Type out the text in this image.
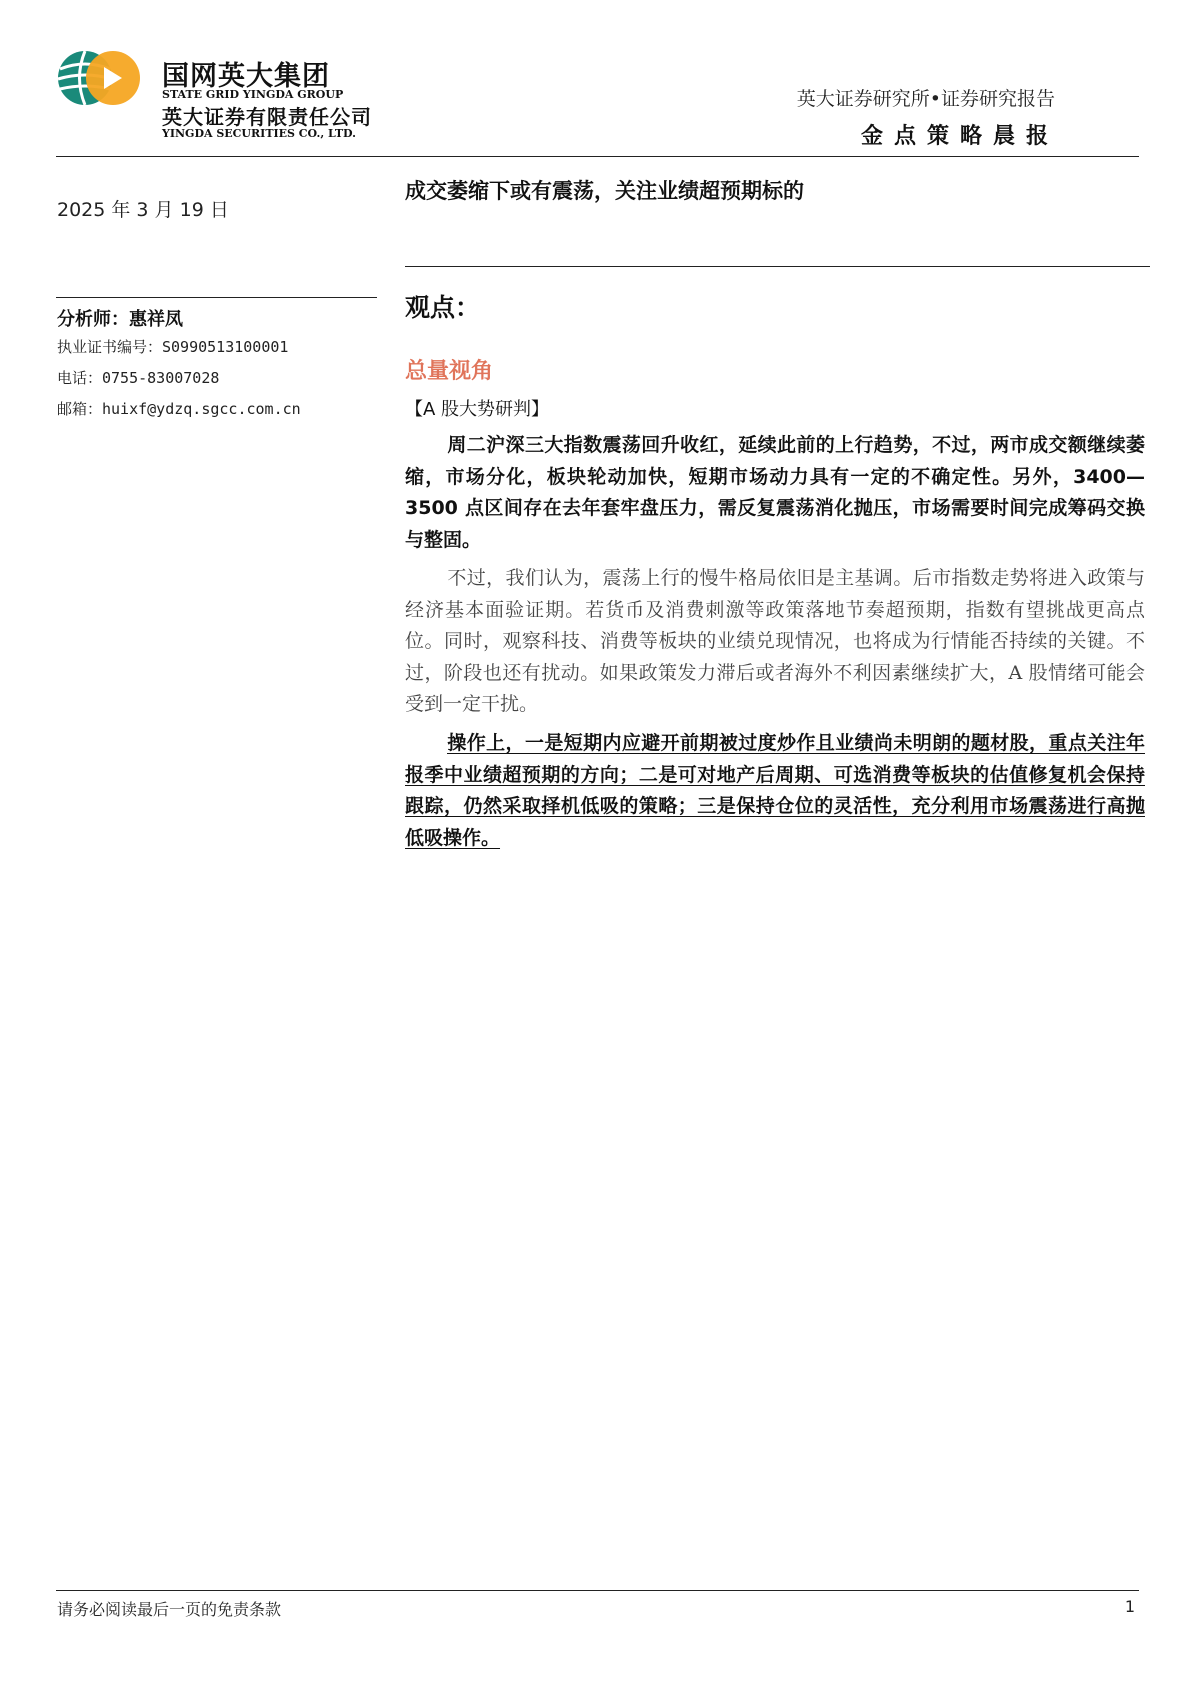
国网英大集团
STATE GRID YINGDA GROUP
英大证券有限责任公司
YINGDA SECURITIES CO., LTD.
英大证券研究所•证券研究报告
金点策略晨报
2025 年 3 月 19 日
分析师：惠祥凤
执业证书编号：S0990513100001
电话：0755-83007028
邮箱：huixf@ydzq.sgcc.com.cn
成交萎缩下或有震荡，关注业绩超预期标的
观点：
总量视角
【A 股大势研判】
周二沪深三大指数震荡回升收红，延续此前的上行趋势，不过，两市成交额继续萎缩，市场分化，板块轮动加快，短期市场动力具有一定的不确定性。另外，3400—3500 点区间存在去年套牢盘压力，需反复震荡消化抛压，市场需要时间完成筹码交换与整固。
不过，我们认为，震荡上行的慢牛格局依旧是主基调。后市指数走势将进入政策与经济基本面验证期。若货币及消费刺激等政策落地节奏超预期，指数有望挑战更高点位。同时，观察科技、消费等板块的业绩兑现情况，也将成为行情能否持续的关键。不过，阶段也还有扰动。如果政策发力滞后或者海外不利因素继续扩大，A 股情绪可能会受到一定干扰。
操作上，一是短期内应避开前期被过度炒作且业绩尚未明朗的题材股，重点关注年报季中业绩超预期的方向；二是可对地产后周期、可选消费等板块的估值修复机会保持跟踪，仍然采取择机低吸的策略；三是保持仓位的灵活性，充分利用市场震荡进行高抛低吸操作。
请务必阅读最后一页的免责条款	1
